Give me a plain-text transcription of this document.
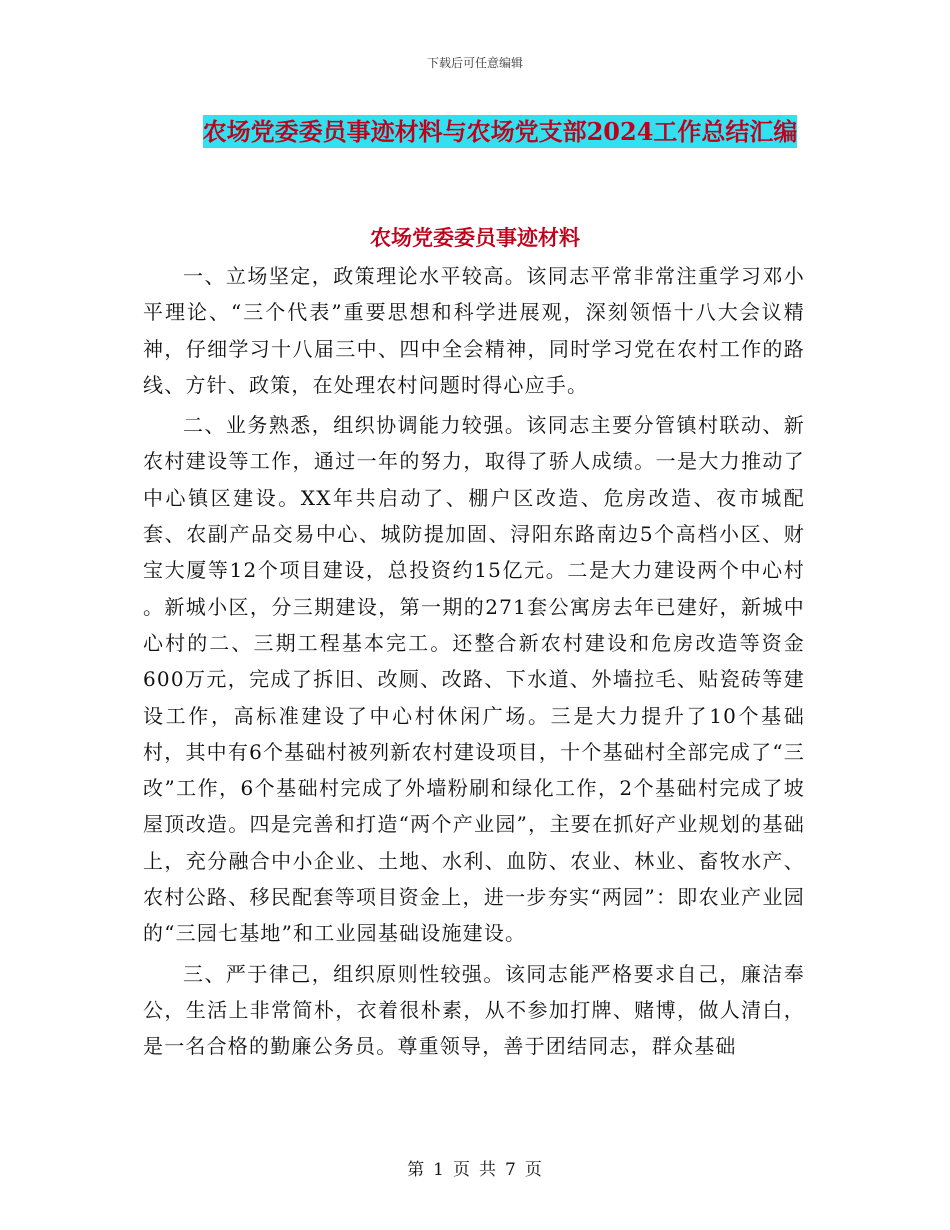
下载后可任意编辑
农场党委委员事迹材料与农场党支部2024工作总结汇编
农场党委委员事迹材料

一、立场坚定，政策理论水平较高。该同志平常非常注重学习邓小平理论、“三个代表”重要思想和科学进展观，深刻领悟十八大会议精神，仔细学习十八届三中、四中全会精神，同时学习党在农村工作的路线、方针、政策，在处理农村问题时得心应手。

二、业务熟悉，组织协调能力较强。该同志主要分管镇村联动、新农村建设等工作，通过一年的努力，取得了骄人成绩。一是大力推动了中心镇区建设。XX年共启动了、棚户区改造、危房改造、夜市城配套、农副产品交易中心、城防提加固、浔阳东路南边5个高档小区、财宝大厦等12个项目建设，总投资约15亿元。二是大力建设两个中心村 。新城小区，分三期建设，第一期的271套公寓房去年已建好，新城中心村的二、三期工程基本完工。还整合新农村建设和危房改造等资金600万元，完成了拆旧、改厕、改路、下水道、外墙拉毛、贴瓷砖等建设工作，高标准建设了中心村休闲广场。三是大力提升了10个基础村，其中有6个基础村被列新农村建设项目，十个基础村全部完成了“三改”工作，6个基础村完成了外墙粉刷和绿化工作，2个基础村完成了坡屋顶改造。四是完善和打造“两个产业园”，主要在抓好产业规划的基础上，充分融合中小企业、土地、水利、血防、农业、林业、畜牧水产、农村公路、移民配套等项目资金上，进一步夯实“两园”：即农业产业园的“三园七基地”和工业园基础设施建设。

三、严于律己，组织原则性较强。该同志能严格要求自己，廉洁奉公，生活上非常简朴，衣着很朴素，从不参加打牌、赌博，做人清白，是一名合格的勤廉公务员。尊重领导，善于团结同志，群众基础

第 1 页 共 7 页
